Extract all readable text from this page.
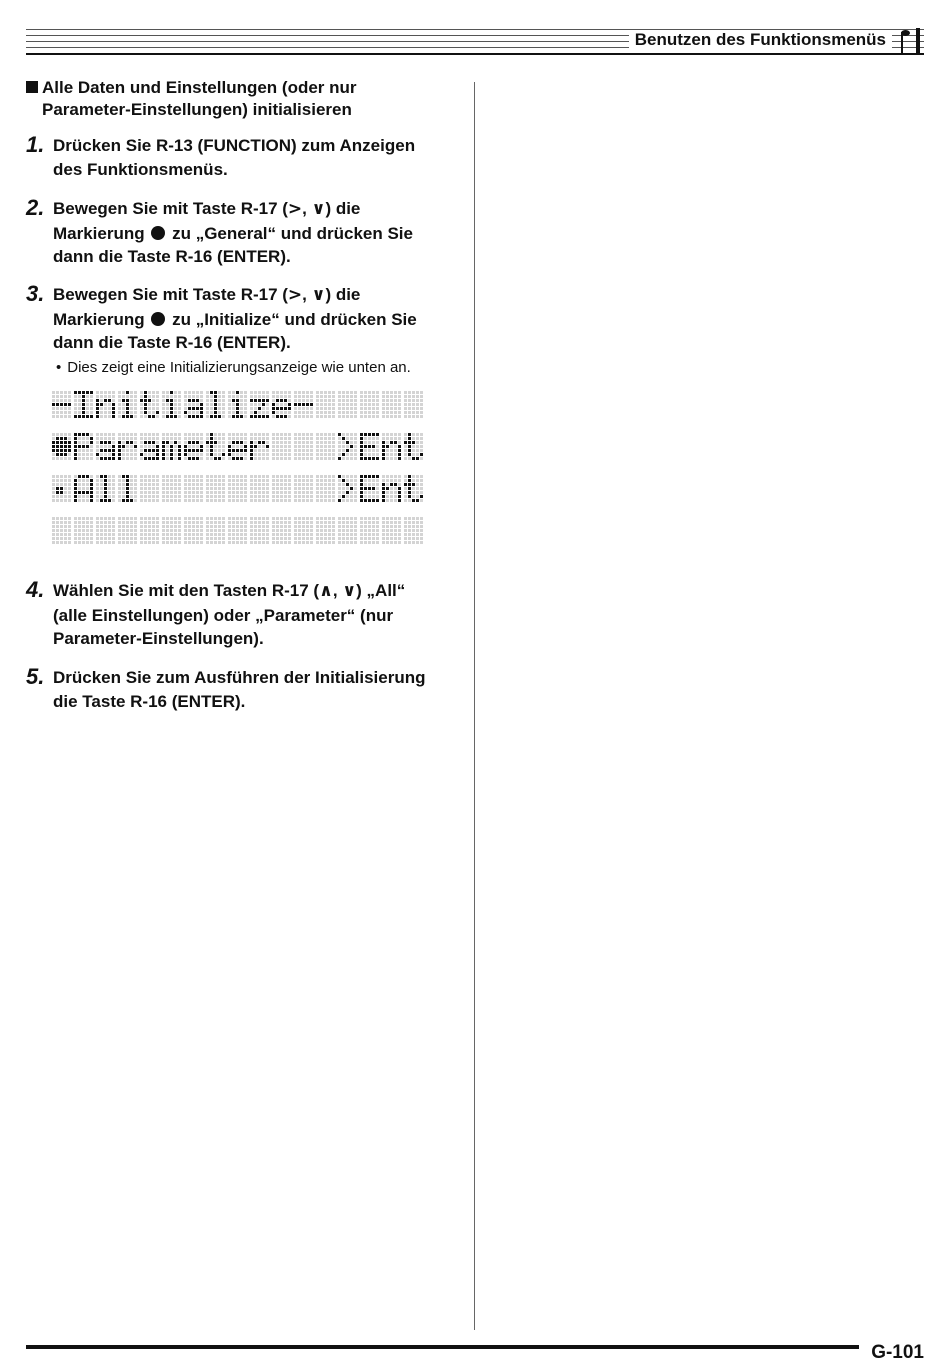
Benutzen des Funktionsmenüs
Alle Daten und Einstellungen (oder nur
Parameter-Einstellungen) initialisieren
1. Drücken Sie R-13 (FUNCTION) zum Anzeigen
des Funktionsmenüs.
2. Bewegen Sie mit Taste R-17 (>, ∨) die
Markierung  zu „General“ und drücken Sie
dann die Taste R-16 (ENTER).
3. Bewegen Sie mit Taste R-17 (>, ∨) die
Markierung  zu „Initialize“ und drücken Sie
dann die Taste R-16 (ENTER).
• Dies zeigt eine Initializierungsanzeige wie unten an.
4. Wählen Sie mit den Tasten R-17 (∧, ∨) „All“
(alle Einstellungen) oder „Parameter“ (nur
Parameter-Einstellungen).
5. Drücken Sie zum Ausführen der Initialisierung
die Taste R-16 (ENTER).
G-101
